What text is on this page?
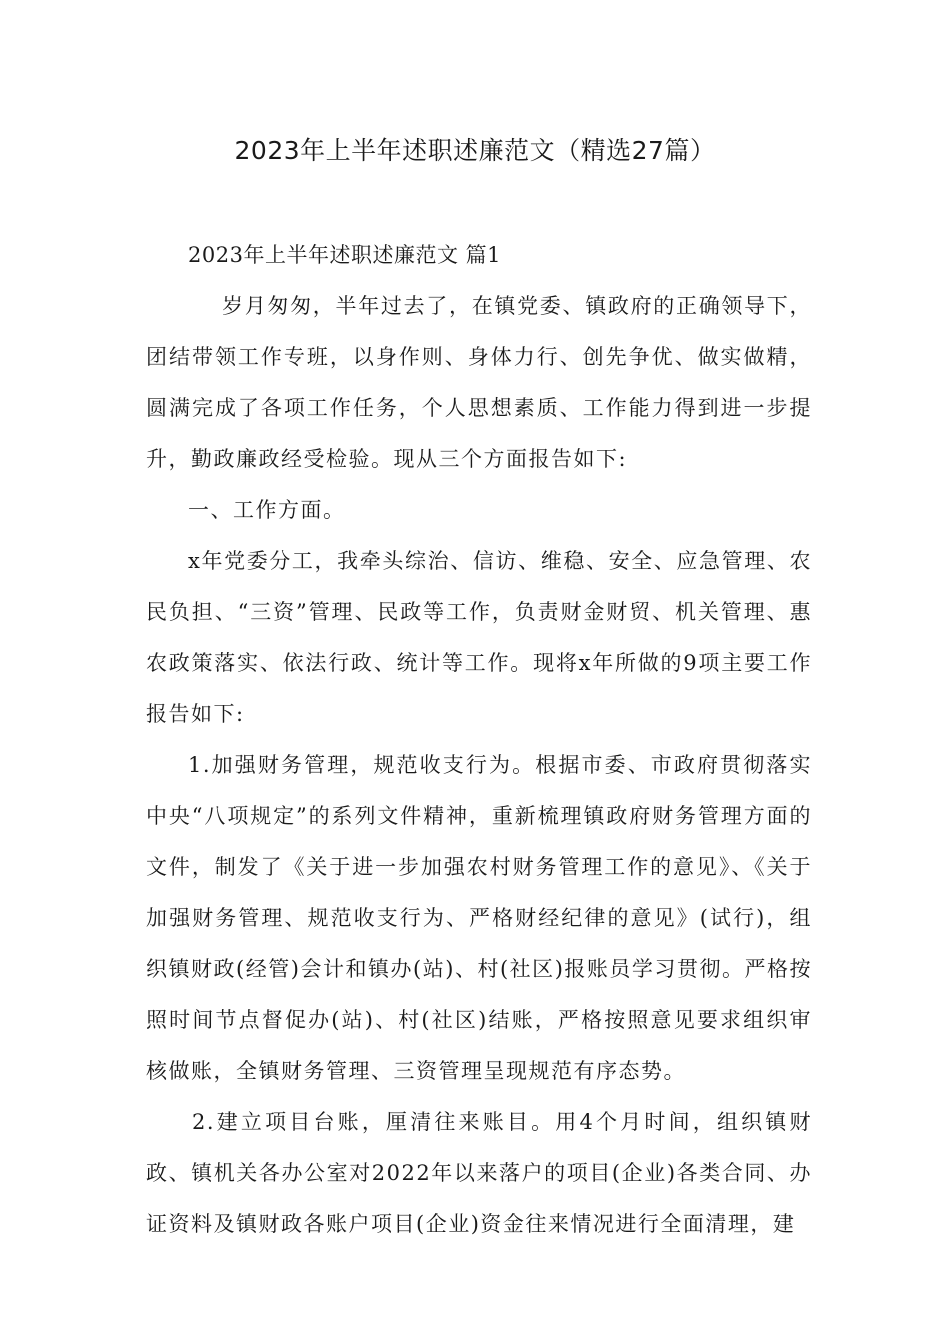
2023年上半年述职述廉范文（精选27篇）

2023年上半年述职述廉范文 篇1

岁月匆匆，半年过去了，在镇党委、镇政府的正确领导下，团结带领工作专班，以身作则、身体力行、创先争优、做实做精，圆满完成了各项工作任务，个人思想素质、工作能力得到进一步提升，勤政廉政经受检验。现从三个方面报告如下:

一、工作方面。

x年党委分工，我牵头综治、信访、维稳、安全、应急管理、农民负担、“三资”管理、民政等工作，负责财金财贸、机关管理、惠农政策落实、依法行政、统计等工作。现将x年所做的9项主要工作报告如下:

1.加强财务管理，规范收支行为。根据市委、市政府贯彻落实中央“八项规定”的系列文件精神，重新梳理镇政府财务管理方面的文件，制发了《关于进一步加强农村财务管理工作的意见》、《关于加强财务管理、规范收支行为、严格财经纪律的意见》(试行)，组织镇财政(经管)会计和镇办(站)、村(社区)报账员学习贯彻。严格按照时间节点督促办(站)、村(社区)结账，严格按照意见要求组织审核做账，全镇财务管理、三资管理呈现规范有序态势。

2.建立项目台账，厘清往来账目。用4个月时间，组织镇财政、镇机关各办公室对2022年以来落户的项目(企业)各类合同、办证资料及镇财政各账户项目(企业)资金往来情况进行全面清理，建
